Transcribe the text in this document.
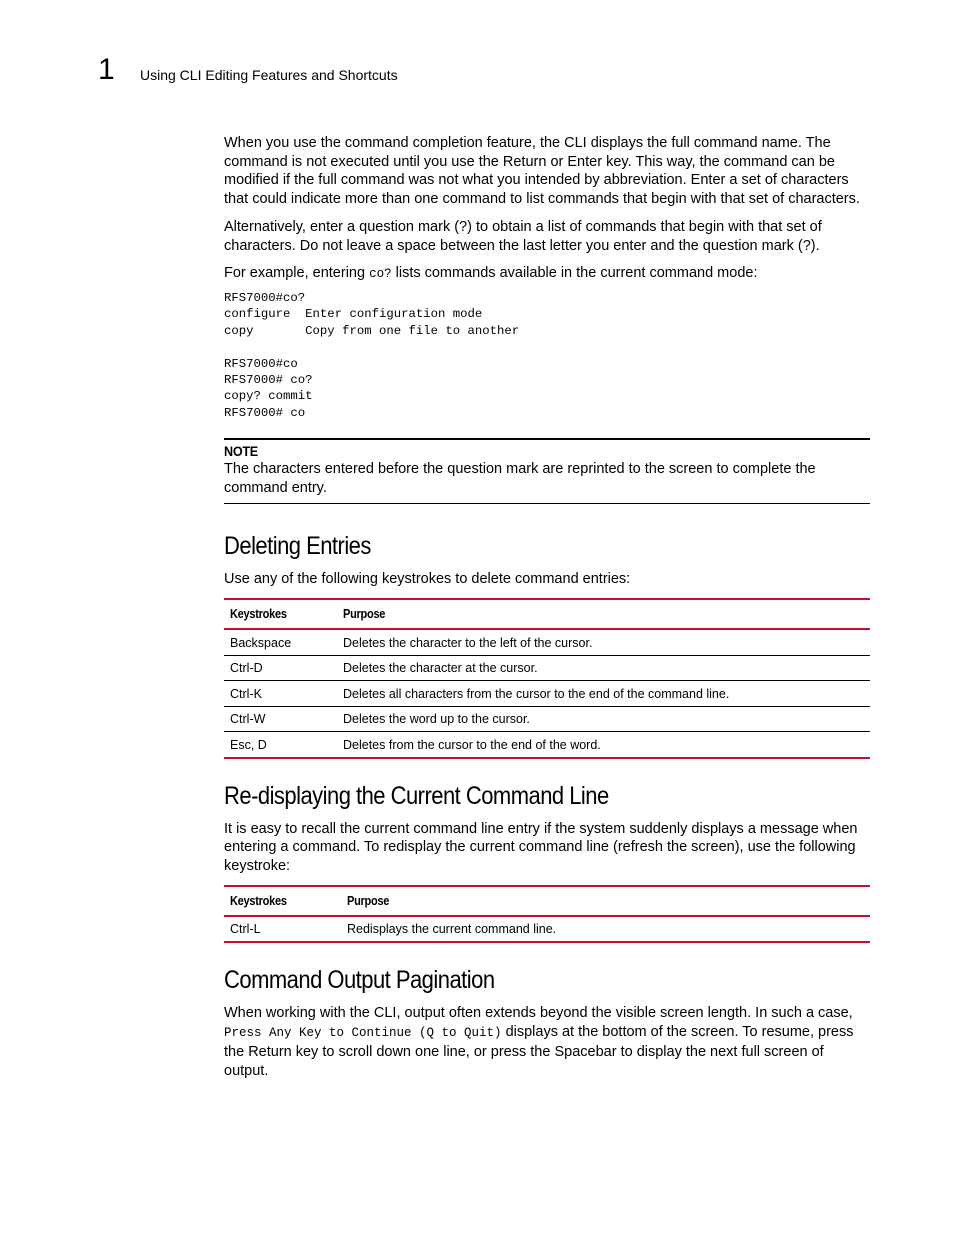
1 Using CLI Editing Features and Shortcuts

When you use the command completion feature, the CLI displays the full command name. The command is not executed until you use the Return or Enter key. This way, the command can be modified if the full command was not what you intended by abbreviation. Enter a set of characters that could indicate more than one command to list commands that begin with that set of characters.

Alternatively, enter a question mark (?) to obtain a list of commands that begin with that set of characters. Do not leave a space between the last letter you enter and the question mark (?).

For example, entering co? lists commands available in the current command mode:

RFS7000#co?
configure  Enter configuration mode
copy       Copy from one file to another

RFS7000#co
RFS7000# co?
copy? commit
RFS7000# co
NOTE
The characters entered before the question mark are reprinted to the screen to complete the command entry.
Deleting Entries

Use any of the following keystrokes to delete command entries:

Keystrokes	Purpose
Backspace	Deletes the character to the left of the cursor.
Ctrl-D	Deletes the character at the cursor.
Ctrl-K	Deletes all characters from the cursor to the end of the command line.
Ctrl-W	Deletes the word up to the cursor.
Esc, D	Deletes from the cursor to the end of the word.
Re-displaying the Current Command Line

It is easy to recall the current command line entry if the system suddenly displays a message when entering a command. To redisplay the current command line (refresh the screen), use the following keystroke:

Keystrokes	Purpose
Ctrl-L	Redisplays the current command line.
Command Output Pagination

When working with the CLI, output often extends beyond the visible screen length. In such a case, Press Any Key to Continue (Q to Quit) displays at the bottom of the screen. To resume, press the Return key to scroll down one line, or press the Spacebar to display the next full screen of output.
